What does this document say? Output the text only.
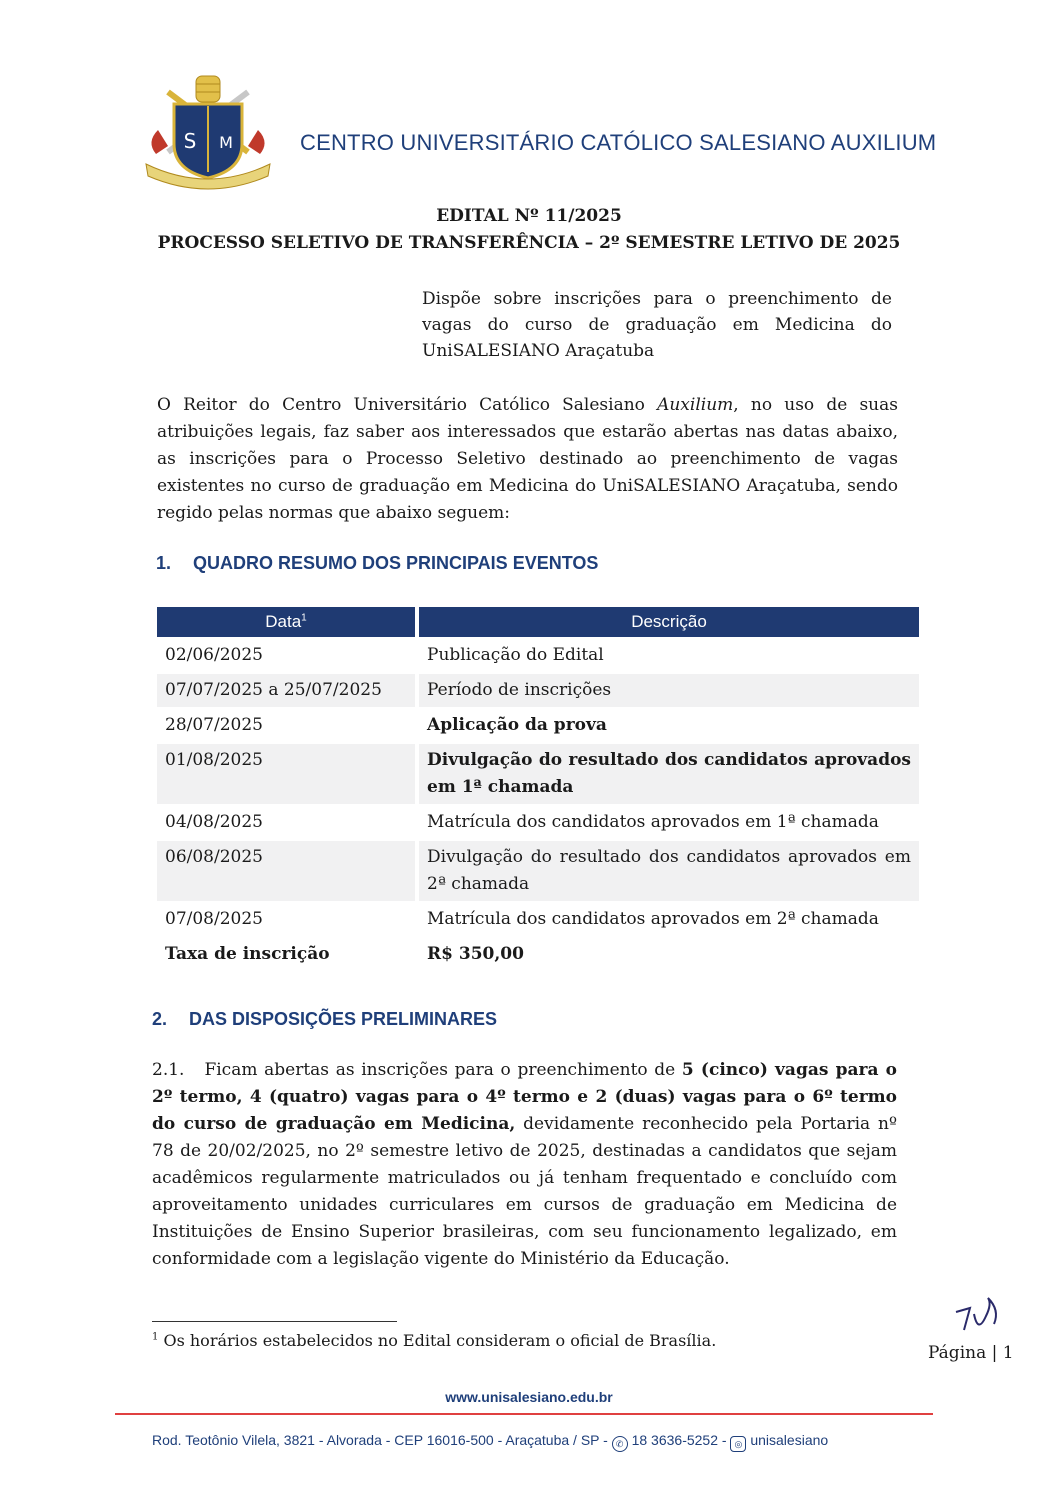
S M	CENTRO UNIVERSITÁRIO CATÓLICO SALESIANO AUXILIUM
EDITAL Nº 11/2025
PROCESSO SELETIVO DE TRANSFERÊNCIA – 2º SEMESTRE LETIVO DE 2025
Dispõe sobre inscrições para o preenchimento de vagas do curso de graduação em Medicina do UniSALESIANO Araçatuba
O Reitor do Centro Universitário Católico Salesiano Auxilium, no uso de suas atribuições legais, faz saber aos interessados que estarão abertas nas datas abaixo, as inscrições para o Processo Seletivo destinado ao preenchimento de vagas existentes no curso de graduação em Medicina do UniSALESIANO Araçatuba, sendo regido pelas normas que abaixo seguem:
1. QUADRO RESUMO DOS PRINCIPAIS EVENTOS
Data$^1$	Descrição
02/06/2025	Publicação do Edital
07/07/2025 a 25/07/2025	Período de inscrições
28/07/2025	Aplicação da prova
01/08/2025	Divulgação do resultado dos candidatos aprovados em 1ª chamada
04/08/2025	Matrícula dos candidatos aprovados em 1ª chamada
06/08/2025	Divulgação do resultado dos candidatos aprovados em 2ª chamada
07/08/2025	Matrícula dos candidatos aprovados em 2ª chamada
Taxa de inscrição	R$ 350,00
2. DAS DISPOSIÇÕES PRELIMINARES
2.1. Ficam abertas as inscrições para o preenchimento de 5 (cinco) vagas para o 2º termo, 4 (quatro) vagas para o 4º termo e 2 (duas) vagas para o 6º termo do curso de graduação em Medicina, devidamente reconhecido pela Portaria nº 78 de 20/02/2025, no 2º semestre letivo de 2025, destinadas a candidatos que sejam acadêmicos regularmente matriculados ou já tenham frequentado e concluído com aproveitamento unidades curriculares em cursos de graduação em Medicina de Instituições de Ensino Superior brasileiras, com seu funcionamento legalizado, em conformidade com a legislação vigente do Ministério da Educação.
$^1$ Os horários estabelecidos no Edital consideram o oficial de Brasília.
Página | 1
www.unisalesiano.edu.br
Rod. Teotônio Vilela, 3821 - Alvorada - CEP 16016-500 - Araçatuba / SP - ✆ 18 3636-5252 - ◎ unisalesiano
